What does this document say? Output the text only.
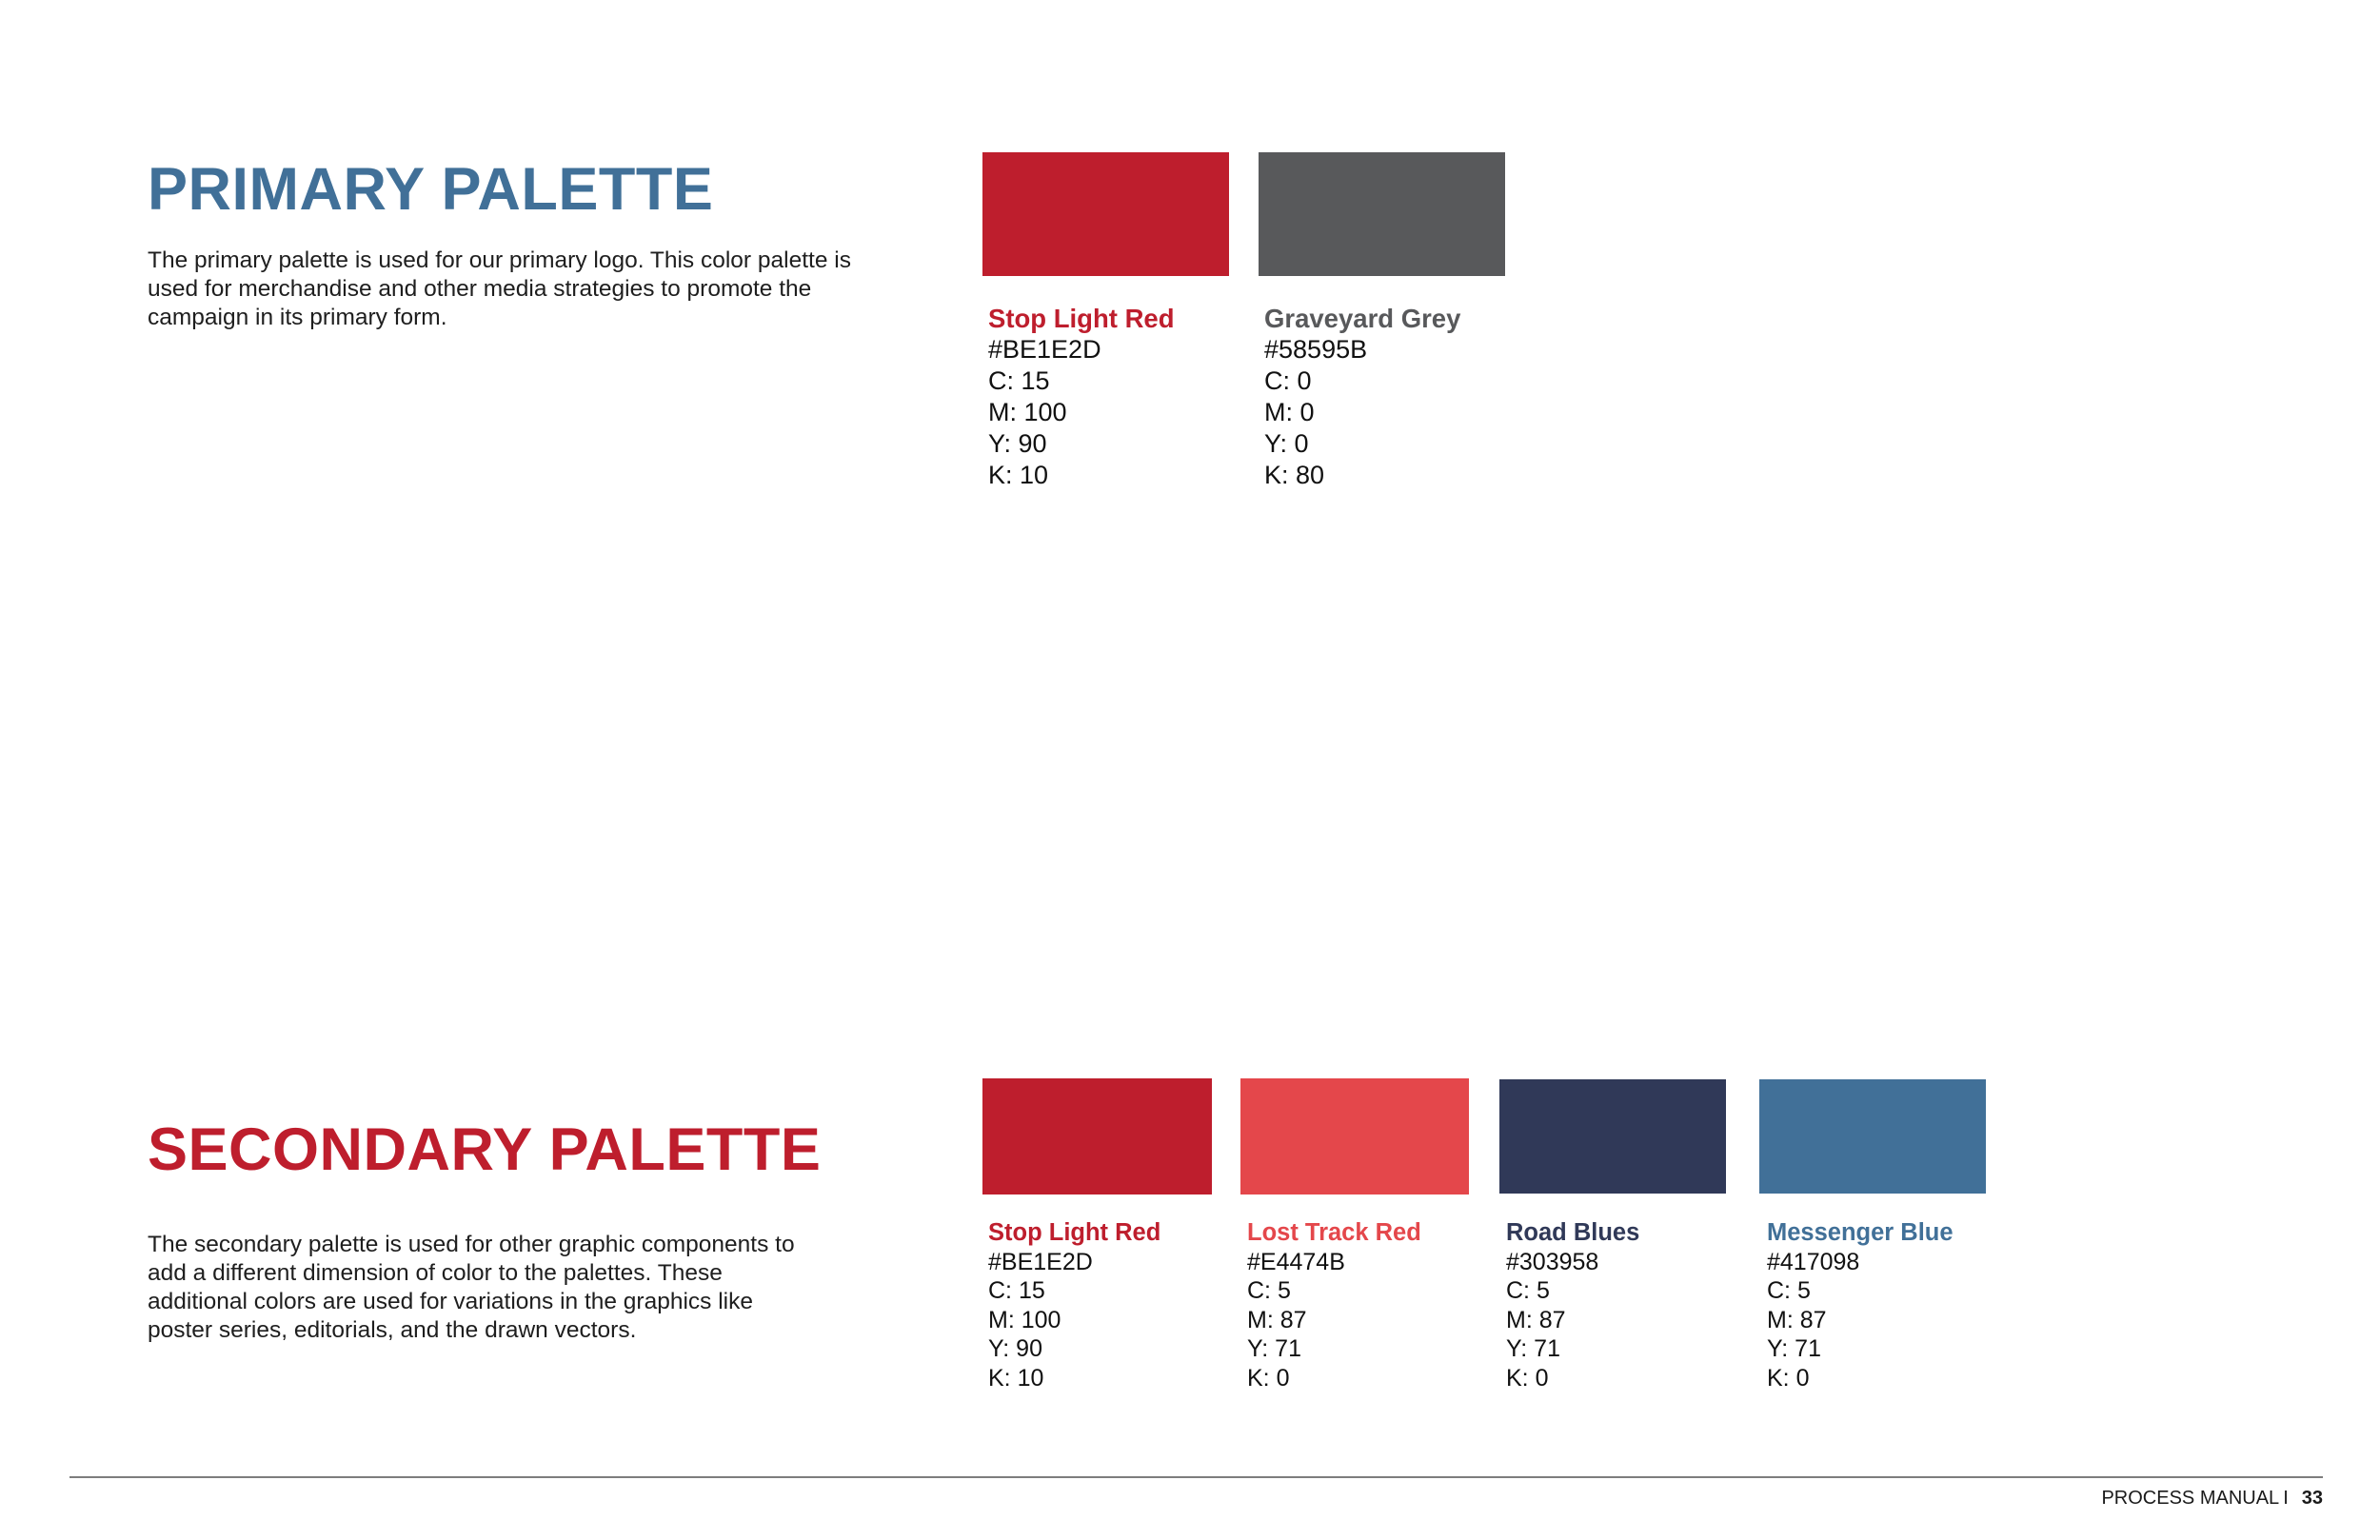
PRIMARY PALETTE

The primary palette is used for our primary logo. This color palette is used for merchandise and other media strategies to promote the campaign in its primary form.	Stop Light Red
#BE1E2D
C: 15
M: 100
Y: 90
K: 10
Graveyard Grey
#58595B
C: 0
M: 0
Y: 0
K: 80
SECONDARY PALETTE

The secondary palette is used for other graphic components to add a different dimension of color to the palettes. These additional colors are used for variations in the graphics like poster series, editorials, and the drawn vectors.

Stop Light Red
#BE1E2D
C: 15
M: 100
Y: 90
K: 10
Lost Track Red
#E4474B
C: 5
M: 87
Y: 71
K: 0
Road Blues
#303958
C: 5
M: 87
Y: 71
K: 0
Messenger Blue
#417098
C: 5
M: 87
Y: 71
K: 0
PROCESS MANUAL I 33
